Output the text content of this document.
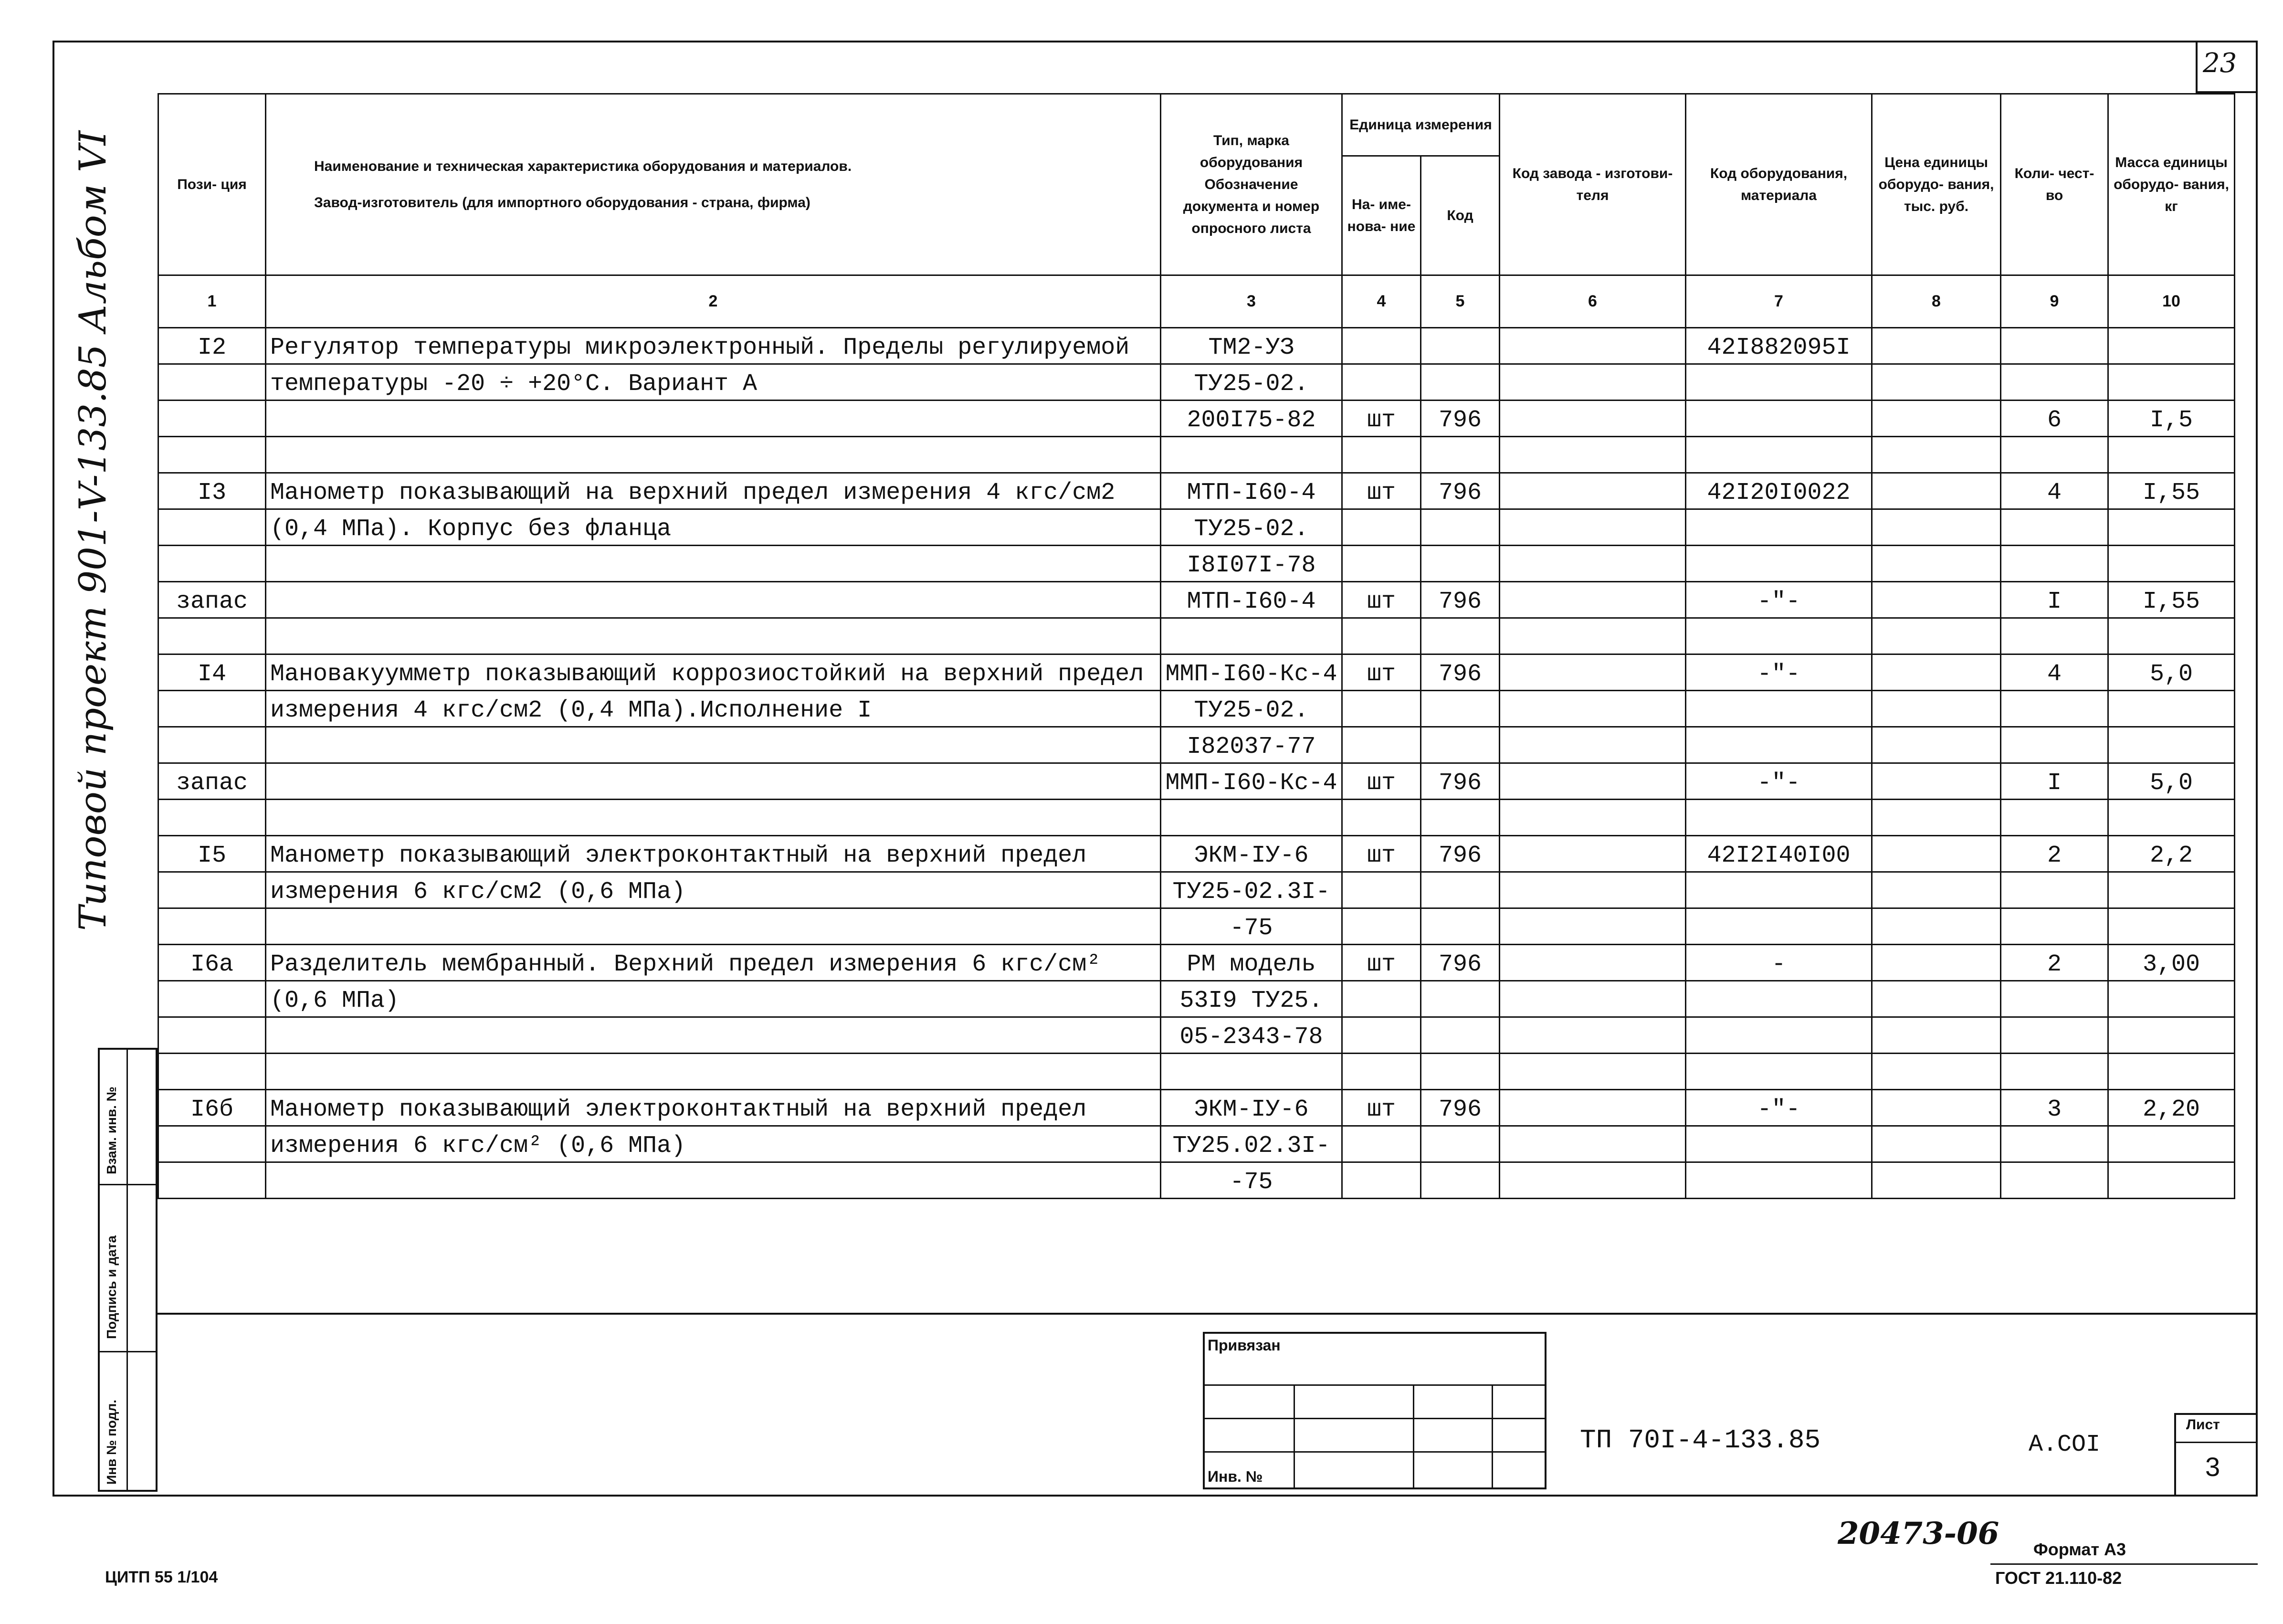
23
Типовой проект 901-V-133.85 Альбом VI	Пози- ция	Наименование и техническая характеристика оборудования и материалов.
Завод-изготовитель (для импортного оборудования - страна, фирма)	Тип, марка оборудования Обозначение документа и номер опросного листа	Единица измерения		Код завода - изготови- теля	Код оборудования, материала	Цена единицы оборудо- вания, тыс. руб.	Коли- чест- во	Масса единицы оборудо- вания, кг
			На- име- нова- ние	Код					
1	2	3	4	5	6	7	8	9	10
I2	Регулятор температуры микроэлектронный. Пределы регулируемой	ТМ2-УЗ				42I882095I			
	температуры -20 ÷ +20°С. Вариант А	ТУ25-02.							
		200I75-82	шт	796				6	I,5

I3	Манометр показывающий на верхний предел измерения 4 кгс/см2	МТП-I60-4	шт	796		42I20I0022		4	I,55
	(0,4 МПа). Корпус без фланца	ТУ25-02.							
		I8I07I-78							
запас		МТП-I60-4	шт	796		-"-		I	I,55

I4	Мановакуумметр показывающий коррозиостойкий на верхний предел	ММП-I60-Кс-4	шт	796		-"-		4	5,0
	измерения 4 кгс/см2 (0,4 МПа).Исполнение I	ТУ25-02.							
		I82037-77							
запас		ММП-I60-Кс-4	шт	796		-"-		I	5,0

I5	Манометр показывающий электроконтактный на верхний предел	ЭКМ-IУ-6	шт	796		42I2I40I00		2	2,2
	измерения 6 кгс/см2 (0,6 МПа)	ТУ25-02.3I-							
		-75							
I6а	Разделитель мембранный. Верхний предел измерения 6 кгс/см²	РМ модель	шт	796		-		2	3,00
	(0,6 МПа)	53I9 ТУ25.							
		05-2343-78							

I6б	Манометр показывающий электроконтактный на верхний предел	ЭКМ-IУ-6	шт	796		-"-		3	2,20
	измерения 6 кгс/см² (0,6 МПа)	ТУ25.02.3I-							
		-75							
Взам. инв. №
Подпись и дата
Инв № подл.
Привязан
Инв. №
ТП 70I-4-133.85	А.COI
Лист
3
20473-06 Формат А3
ГОСТ 21.110-82
ЦИТП 55 1/104
